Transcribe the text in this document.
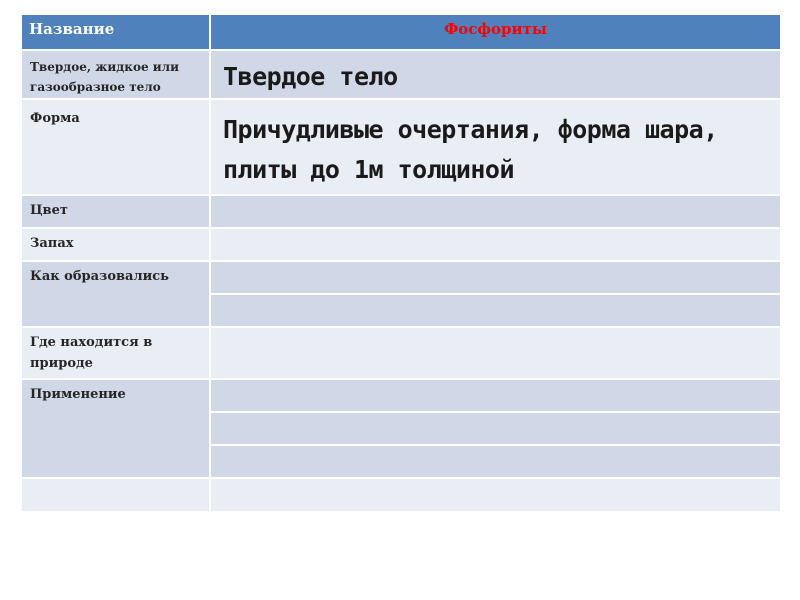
Название	Фосфориты
Твердое, жидкое или газообразное тело	Твердое тело
Форма	Причудливые очертания, форма шара, плиты до 1м толщиной
Цвет	
Запах	
Как образовались	

Где находится в природе	
Применение	
